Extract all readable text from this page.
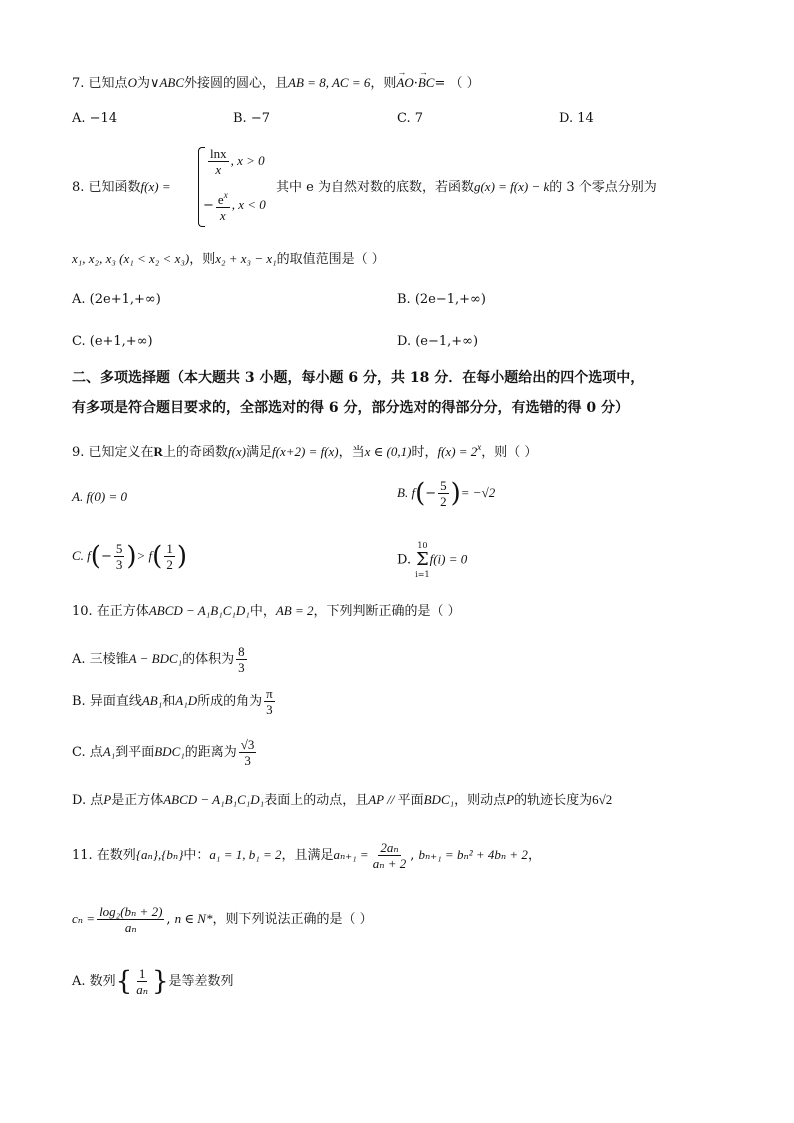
7. 已知点O为∨ABC外接圆的圆心，且AB = 8, AC = 6，则→ AO·→ BC= （ ）
A. −14	B. −7	C. 7	D. 14
8. 已知函数f(x) =
$\frac{\ln x}{x}$ , x > 0
− $\frac{e^x}{x}$ , x < 0
其中 e 为自然对数的底数，若函数g(x) = f(x) − k的 3 个零点分别为
x₁, x₂, x₃ (x₁ < x₂ < x₃)，则x₂ + x₃ − x₁的取值范围是（ ）
A. (2e+1,+∞)	B. (2e−1,+∞)
C. (e+1,+∞)	D. (e−1,+∞)
二、多项选择题（本大题共 3 小题，每小题 6 分，共 18 分．在每小题给出的四个选项中，
有多项是符合题目要求的，全部选对的得 6 分，部分选对的得部分分，有选错的得 0 分）
9. 已知定义在R上的奇函数f(x)满足f(x+2) = f(x)，当x ∈ (0,1)时，$f(x) = 2^x$，则（ ）
A. f(0) = 0	B. $f(- \frac{5}{2}$ )= −√2
C. $f(- \frac{5}{3}$ )> $f( \frac{1}{2}$ )	D.
10
Σ
i=1
f(i) = 0
10. 在正方体ABCD − A₁B₁C₁D₁中，AB = 2，下列判断正确的是（ ）
A. 三棱锥A − BDC₁的体积为 $\frac{8}{3}$
B. 异面直线AB₁和A₁D所成的角为 $\frac{\pi}{3}$
C. 点A₁到平面BDC₁的距离为 $\frac{√3}{3}$
D. 点P是正方体ABCD − A₁B₁C₁D₁表面上的动点，且AP // 平面BDC₁，则动点P的轨迹长度为6√2
11. 在数列{aₙ},{bₙ}中：a₁ = 1, b₁ = 2，且满足$a_{n+1} = \frac{\text{2aₙ}}{\text{aₙ + 2}}$ , bₙ₊₁ = bₙ² + 4bₙ + 2，
$c_n = \frac{\text{log₂(bₙ + 2)}}{\text{aₙ}}$ , n ∈ N*，则下列说法正确的是（ ）
A. 数列{ $\frac{1}{\text{aₙ}}$ }是等差数列
